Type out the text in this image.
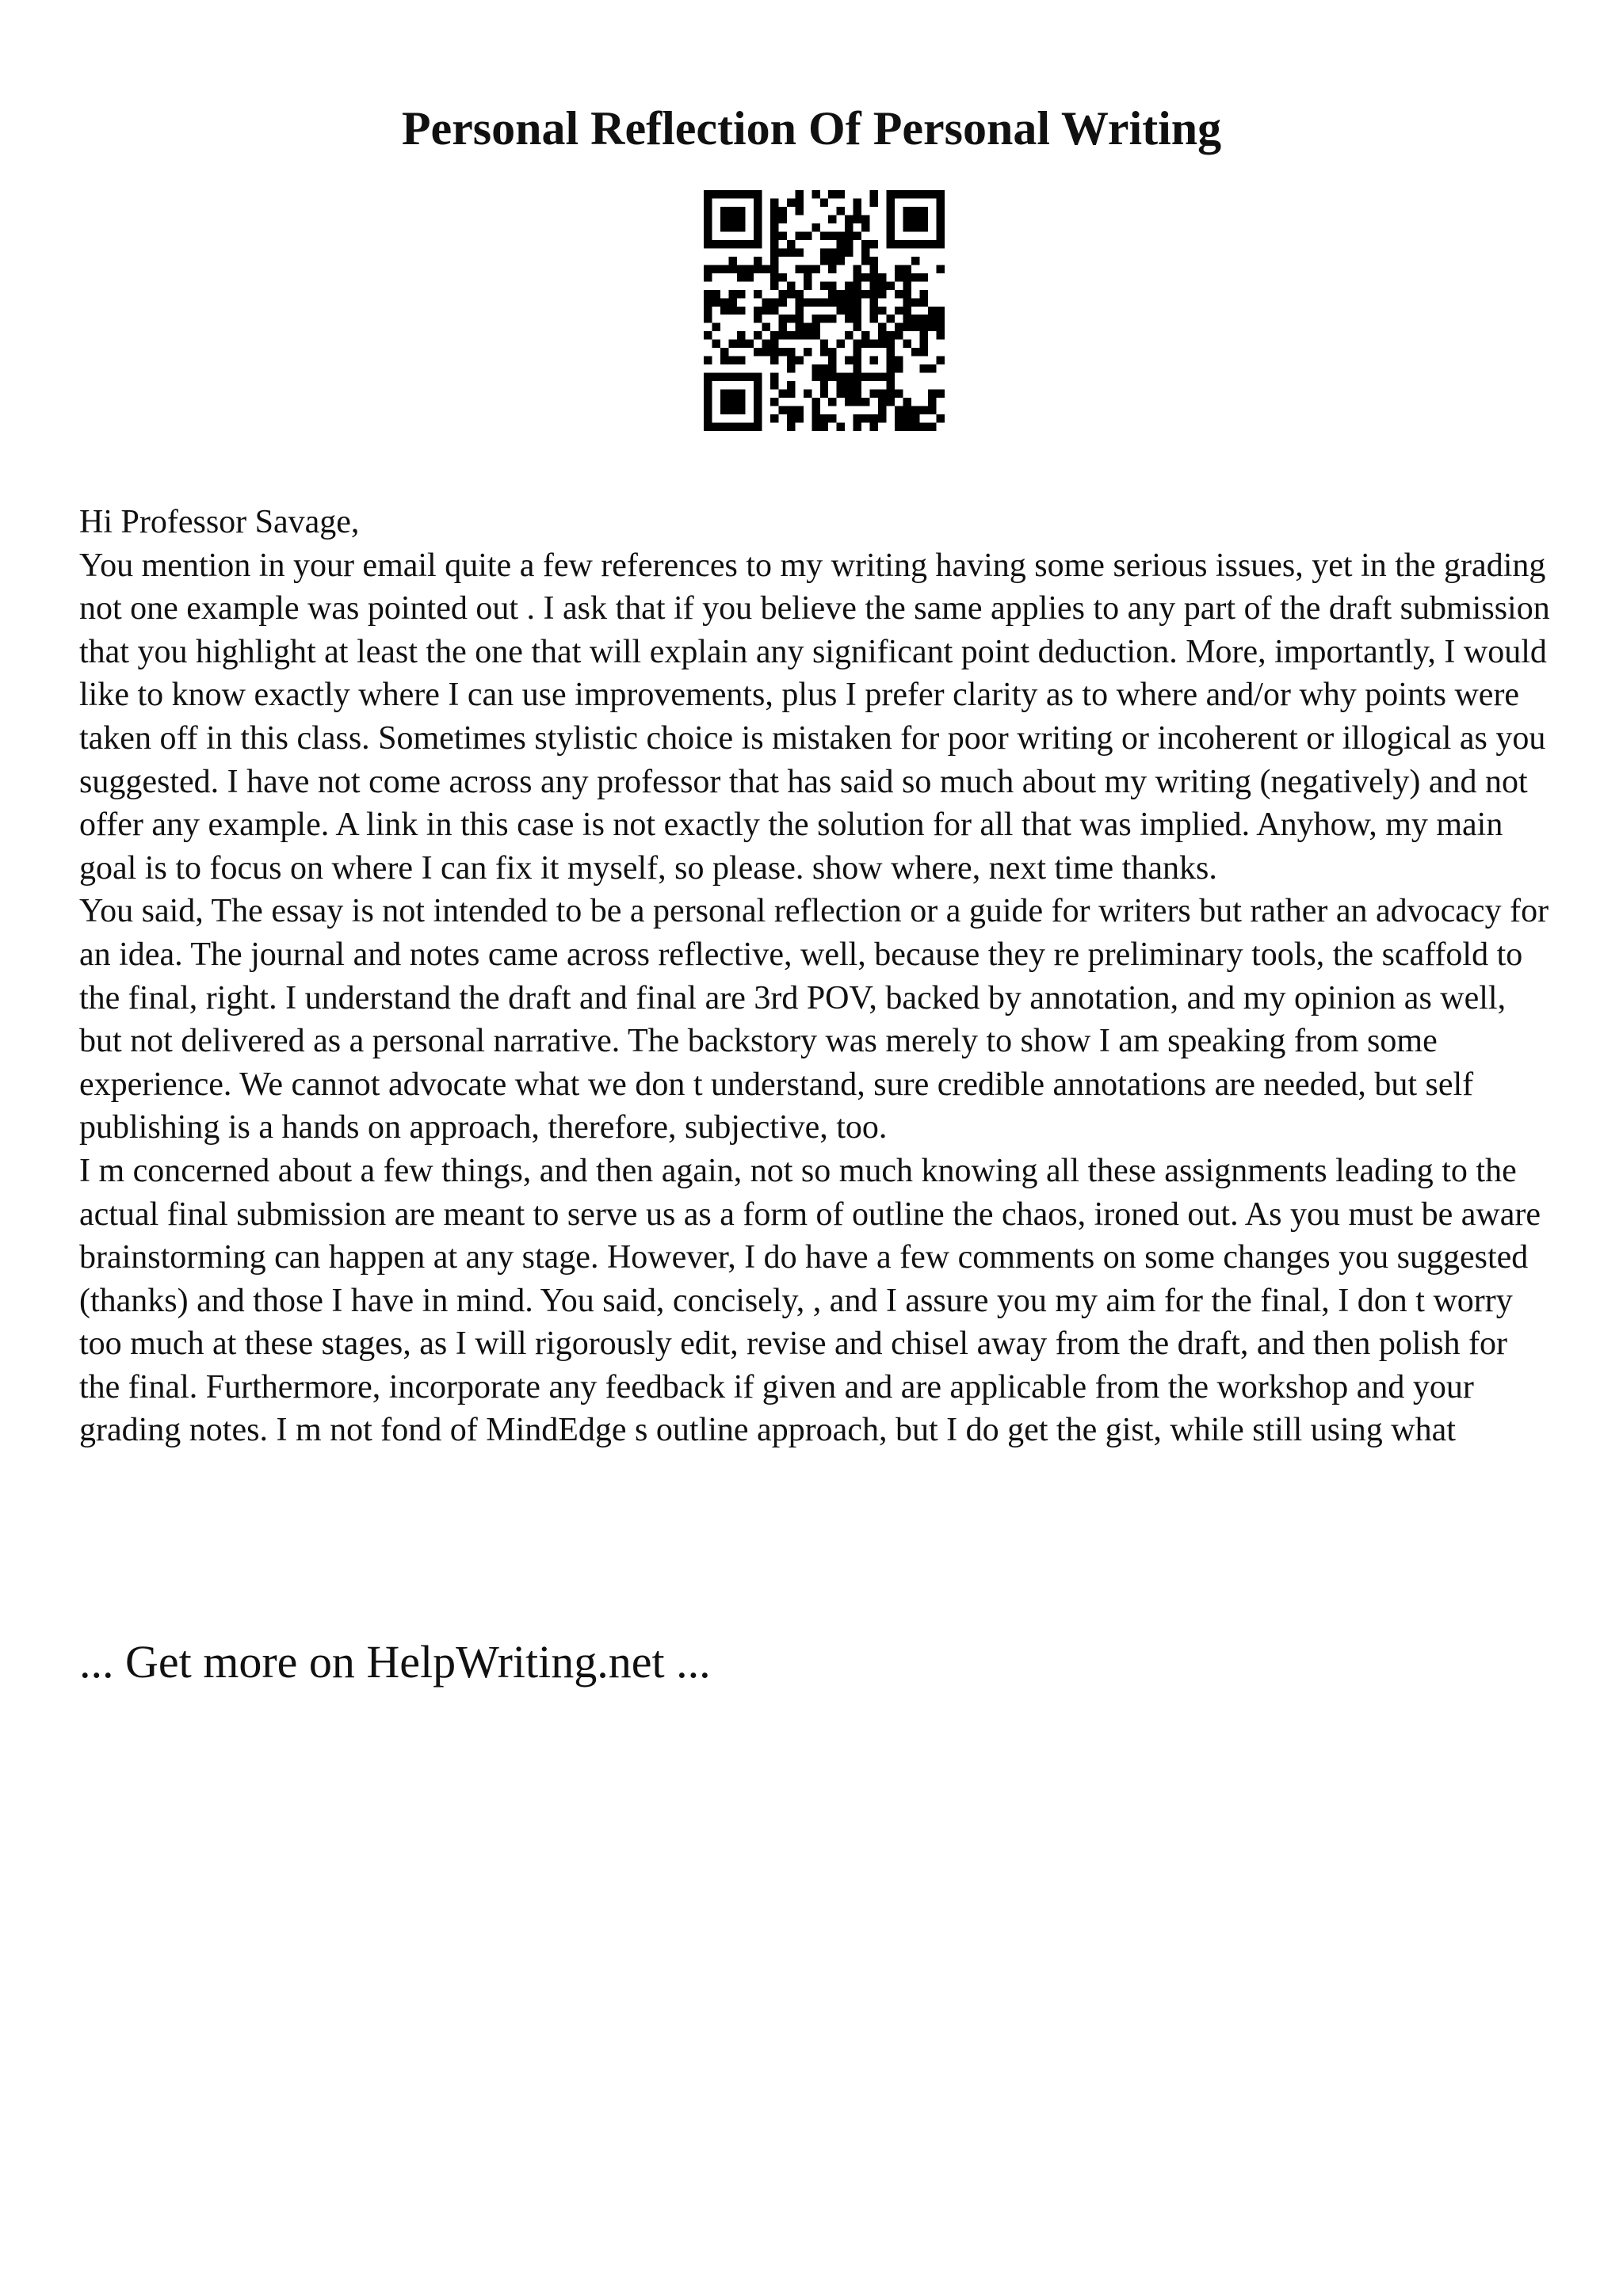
Personal Reflection Of Personal Writing

Hi Professor Savage,

You mention in your email quite a few references to my writing having some serious issues, yet in the grading not one example was pointed out . I ask that if you believe the same applies to any part of the draft submission that you highlight at least the one that will explain any significant point deduction. More, importantly, I would like to know exactly where I can use improvements, plus I prefer clarity as to where and/or why points were taken off in this class. Sometimes stylistic choice is mistaken for poor writing or incoherent or illogical as you suggested. I have not come across any professor that has said so much about my writing (negatively) and not offer any example. A link in this case is not exactly the solution for all that was implied. Anyhow, my main goal is to focus on where I can fix it myself, so please. show where, next time thanks.

You said, The essay is not intended to be a personal reflection or a guide for writers but rather an advocacy for an idea. The journal and notes came across reflective, well, because they re preliminary tools, the scaffold to the final, right. I understand the draft and final are 3rd POV, backed by annotation, and my opinion as well, but not delivered as a personal narrative. The backstory was merely to show I am speaking from some experience. We cannot advocate what we don t understand, sure credible annotations are needed, but self publishing is a hands on approach, therefore, subjective, too.

I m concerned about a few things, and then again, not so much knowing all these assignments leading to the actual final submission are meant to serve us as a form of outline the chaos, ironed out. As you must be aware brainstorming can happen at any stage. However, I do have a few comments on some changes you suggested (thanks) and those I have in mind. You said, concisely, , and I assure you my aim for the final, I don t worry too much at these stages, as I will rigorously edit, revise and chisel away from the draft, and then polish for the final. Furthermore, incorporate any feedback if given and are applicable from the workshop and your grading notes. I m not fond of MindEdge s outline approach, but I do get the gist, while still using what

... Get more on HelpWriting.net ...
